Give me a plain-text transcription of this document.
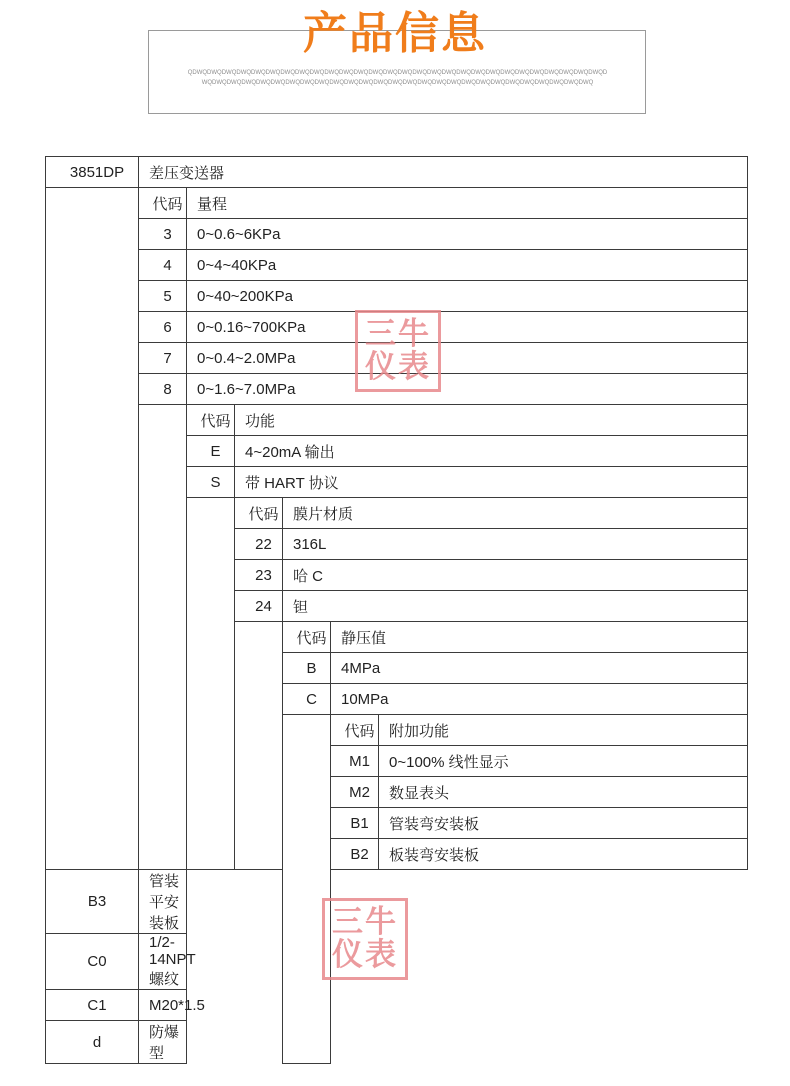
产品信息
QDWQDWQDWQDWQDWQDWQDWQDWQDWQDWQDWQDWQDWQDWQDWQDWQDWQDWQDWQDWQDWQDWQDWQDWQDWQDWQDWQDWQDWQDWQDWQDWQDWQDWQDWQDWQDWQDWQDWQDWQDWQDWQDWQDWQDWQDWQDWQDWQDWQDWQDWQDWQDWQDWQDWQ
3851DP	差压变送器					
	代码	量程				
	3	0~0.6~6KPa				
	4	0~4~40KPa				
	5	0~40~200KPa				
	6	0~0.16~700KPa				
	7	0~0.4~2.0MPa				
	8	0~1.6~7.0MPa				
		代码	功能			
		E	4~20mA 输出			
		S	带 HART 协议			
			代码	膜片材质		
			22	316L		
			23	哈 C		
			24	钽		
				代码	静压值	
				B	4MPa	
				C	10MPa	
					代码	附加功能
					M1	0~100% 线性显示
					M2	数显表头
					B1	管装弯安装板
					B2	板装弯安装板
B3	管装平安装板					
C0	1/2-14NPT 螺纹					
C1	M20*1.5					
d	防爆型					
三牛
仪表
三牛
仪表
